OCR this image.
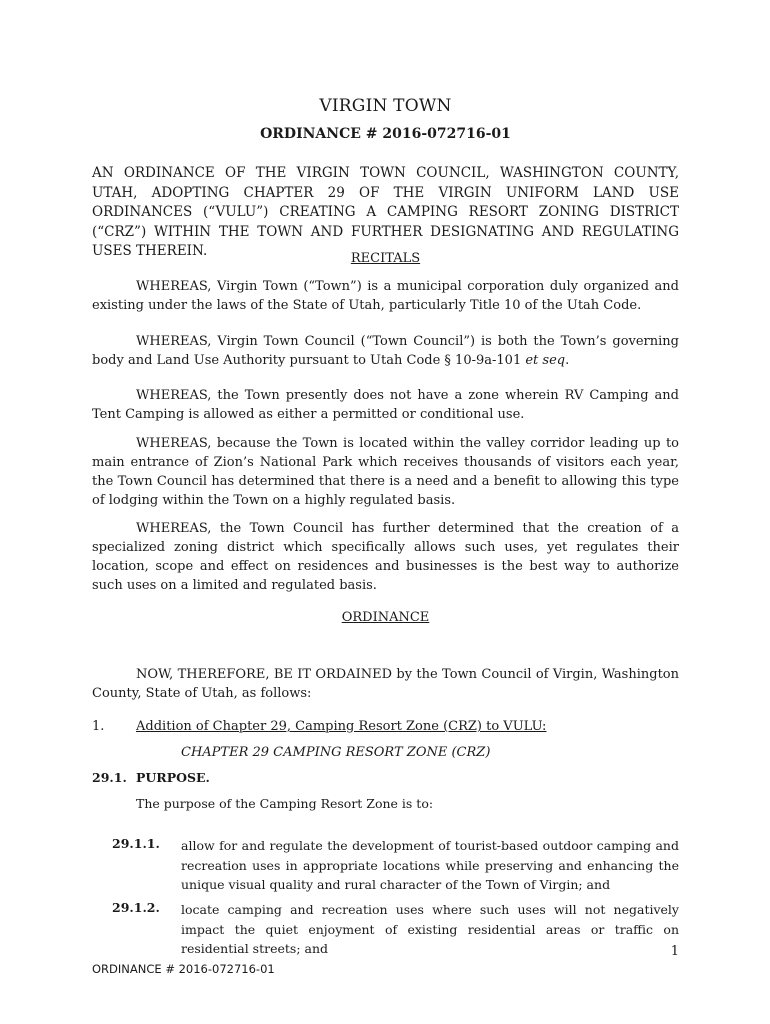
VIRGIN TOWN
ORDINANCE # 2016-072716-01
AN ORDINANCE OF THE VIRGIN TOWN COUNCIL, WASHINGTON COUNTY, UTAH, ADOPTING CHAPTER 29 OF THE VIRGIN UNIFORM LAND USE ORDINANCES (“VULU”) CREATING A CAMPING RESORT ZONING DISTRICT (“CRZ”) WITHIN THE TOWN AND FURTHER DESIGNATING AND REGULATING USES THEREIN.	RECITALS
WHEREAS, Virgin Town (“Town”) is a municipal corporation duly organized and existing under the laws of the State of Utah, particularly Title 10 of the Utah Code.
WHEREAS, Virgin Town Council (“Town Council”) is both the Town’s governing body and Land Use Authority pursuant to Utah Code § 10-9a-101 et seq.
WHEREAS, the Town presently does not have a zone wherein RV Camping and Tent Camping is allowed as either a permitted or conditional use.
WHEREAS, because the Town is located within the valley corridor leading up to main entrance of Zion’s National Park which receives thousands of visitors each year, the Town Council has determined that there is a need and a benefit to allowing this type of lodging within the Town on a highly regulated basis.
WHEREAS, the Town Council has further determined that the creation of a specialized zoning district which specifically allows such uses, yet regulates their location, scope and effect on residences and businesses is the best way to authorize such uses on a limited and regulated basis.
ORDINANCE
NOW, THEREFORE, BE IT ORDAINED by the Town Council of Virgin, Washington County, State of Utah, as follows:
1. Addition of Chapter 29, Camping Resort Zone (CRZ) to VULU:
CHAPTER 29 CAMPING RESORT ZONE (CRZ)
29.1. PURPOSE.
The purpose of the Camping Resort Zone is to:
29.1.1. allow for and regulate the development of tourist-based outdoor camping and recreation uses in appropriate locations while preserving and enhancing the unique visual quality and rural character of the Town of Virgin; and
29.1.2. locate camping and recreation uses where such uses will not negatively impact the quiet enjoyment of existing residential areas or traffic on residential streets; and	1
ORDINANCE # 2016-072716-01
